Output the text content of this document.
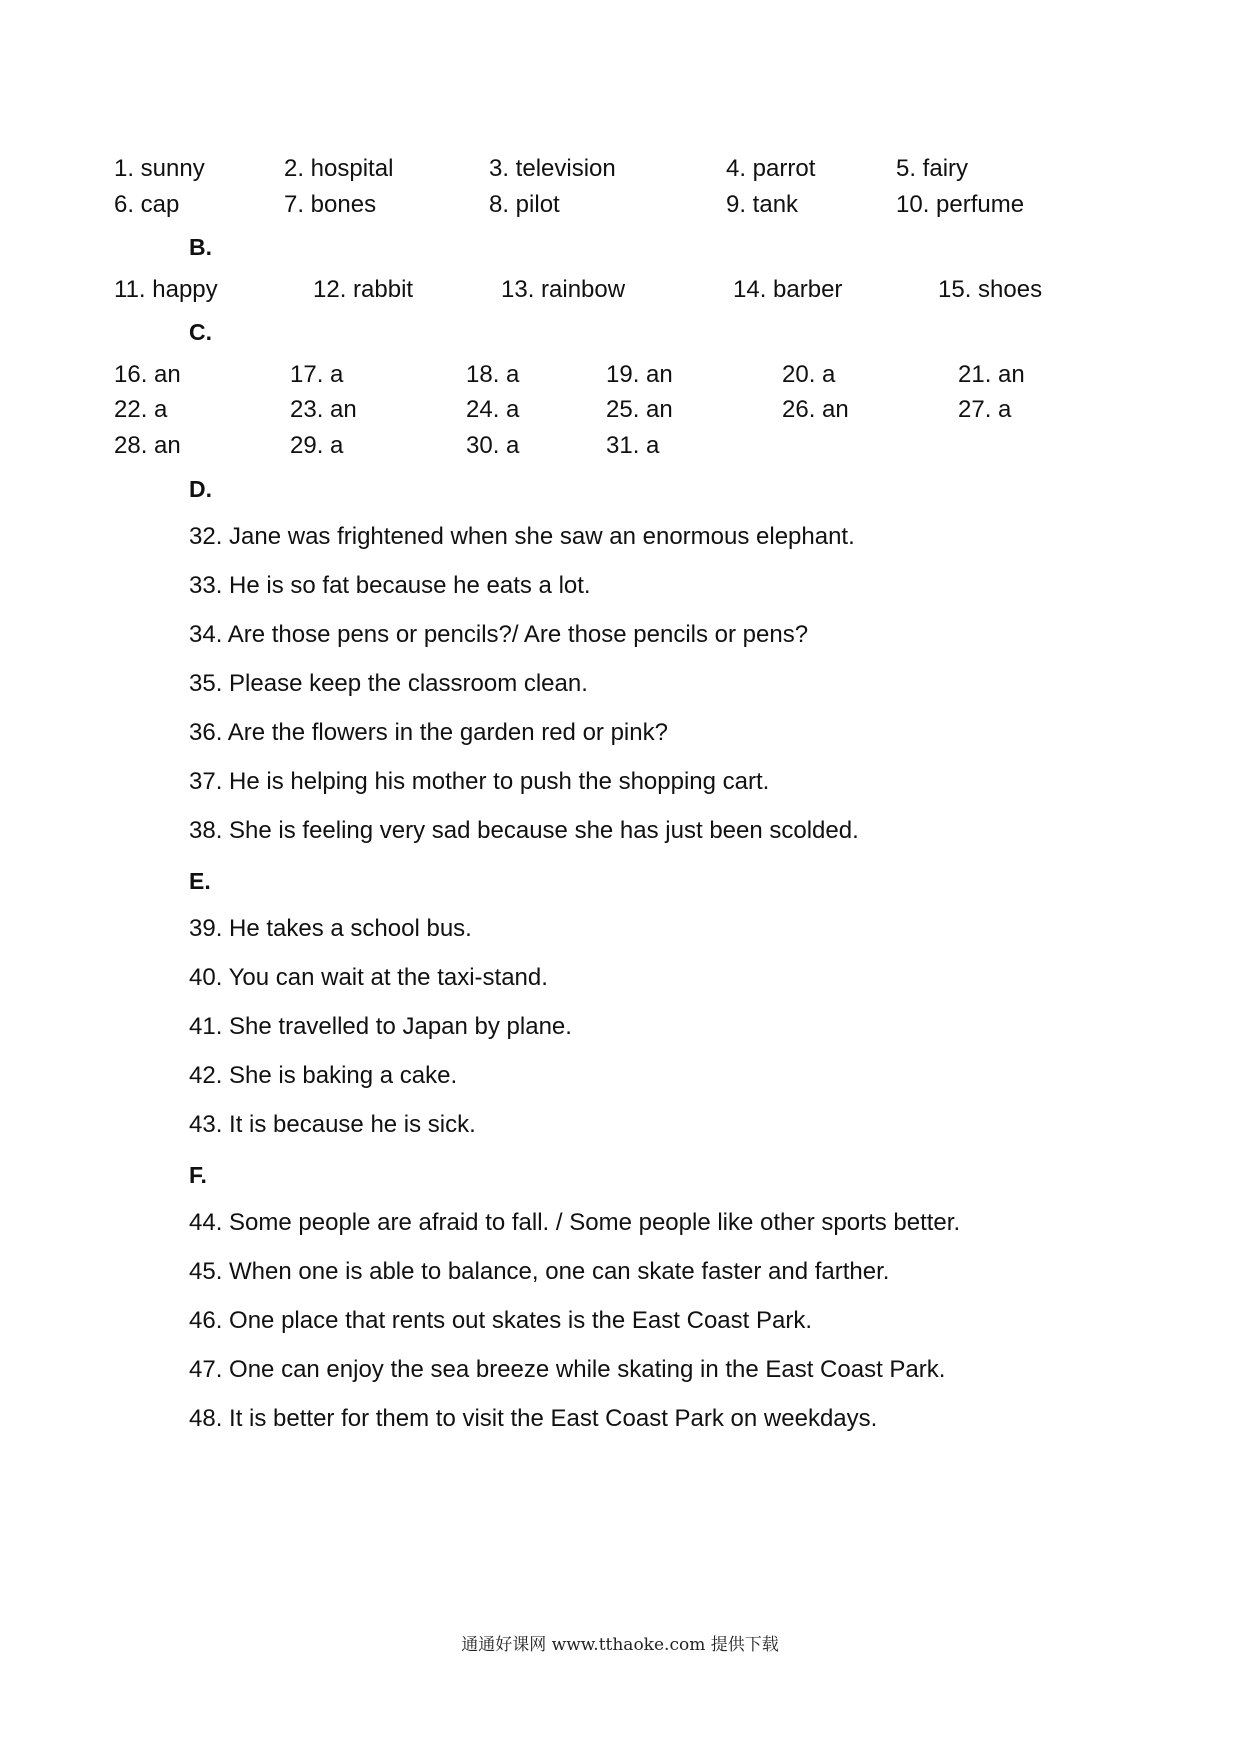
1. sunny	2. hospital	3. television	4. parrot	5. fairy
6. cap	7. bones	8. pilot	9. tank	10. perfume
B.
11. happy	12. rabbit	13. rainbow	14. barber	15. shoes
C.
16. an	17. a	18. a	19. an	20. a	21. an
22. a	23. an	24. a	25. an	26. an	27. a
28. an	29. a	30. a	31. a
D.
32. Jane was frightened when she saw an enormous elephant.
33. He is so fat because he eats a lot.
34. Are those pens or pencils?/ Are those pencils or pens?
35. Please keep the classroom clean.
36. Are the flowers in the garden red or pink?
37. He is helping his mother to push the shopping cart.
38. She is feeling very sad because she has just been scolded.
E.
39. He takes a school bus.
40. You can wait at the taxi-stand.
41. She travelled to Japan by plane.
42. She is baking a cake.
43. It is because he is sick.
F.
44. Some people are afraid to fall. / Some people like other sports better.
45. When one is able to balance, one can skate faster and farther.
46. One place that rents out skates is the East Coast Park.
47. One can enjoy the sea breeze while skating in the East Coast Park.
48. It is better for them to visit the East Coast Park on weekdays.
通通好课网 www.tthaoke.com 提供下载
